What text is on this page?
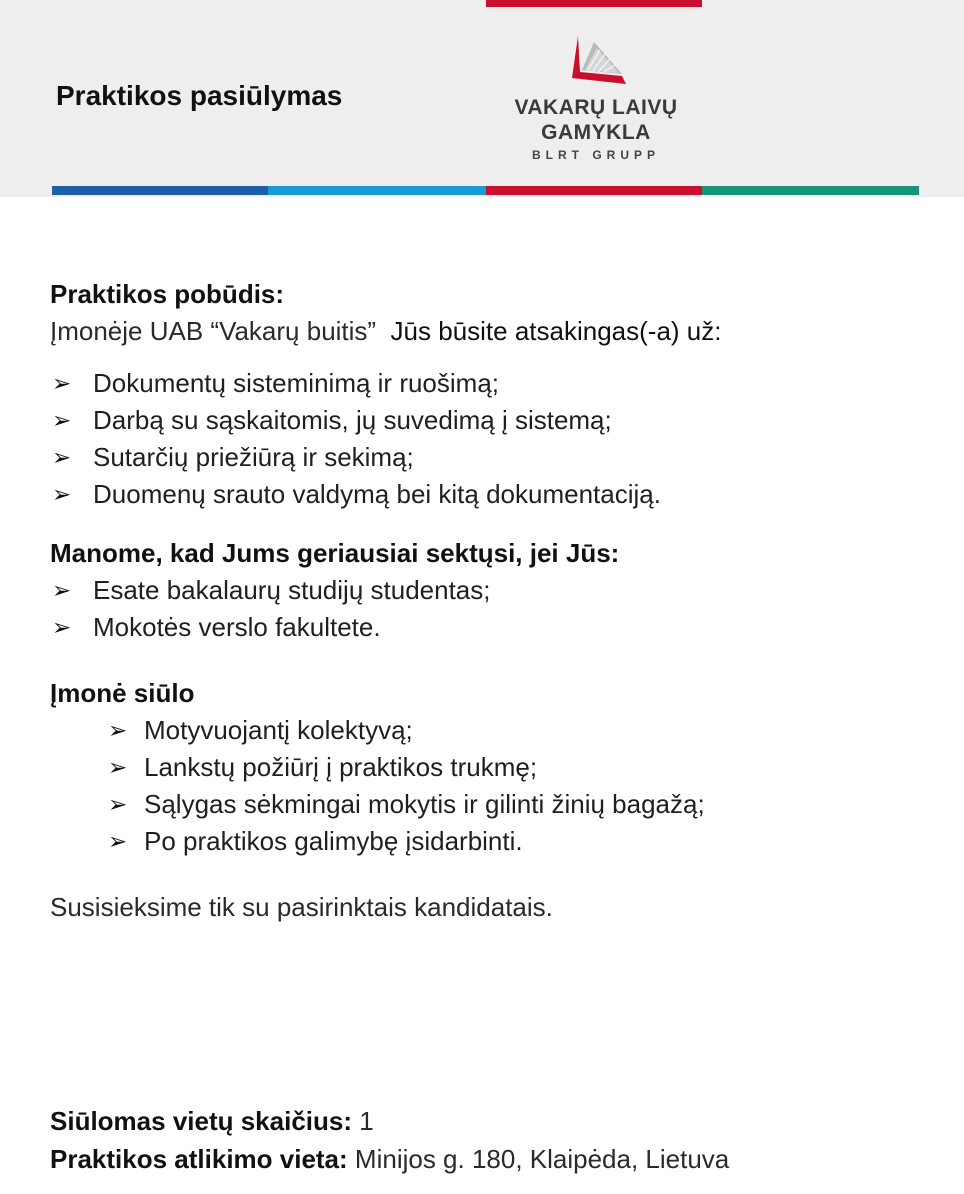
Praktikos pasiūlymas	VAKARŲ LAIVŲ
GAMYKLA
BLRT GRUPP
Praktikos pobūdis:
Įmonėje UAB “Vakarų buitis” Jūs būsite atsakingas(-a) už:
➢ Dokumentų sisteminimą ir ruošimą;
➢ Darbą su sąskaitomis, jų suvedimą į sistemą;
➢ Sutarčių priežiūrą ir sekimą;
➢ Duomenų srauto valdymą bei kitą dokumentaciją.
Manome, kad Jums geriausiai sektųsi, jei Jūs:
➢ Esate bakalaurų studijų studentas;
➢ Mokotės verslo fakultete.
Įmonė siūlo
➢ Motyvuojantį kolektyvą;
➢ Lankstų požiūrį į praktikos trukmę;
➢ Sąlygas sėkmingai mokytis ir gilinti žinių bagažą;
➢ Po praktikos galimybę įsidarbinti.
Susisieksime tik su pasirinktais kandidatais.
Siūlomas vietų skaičius: 1
Praktikos atlikimo vieta: Minijos g. 180, Klaipėda, Lietuva
